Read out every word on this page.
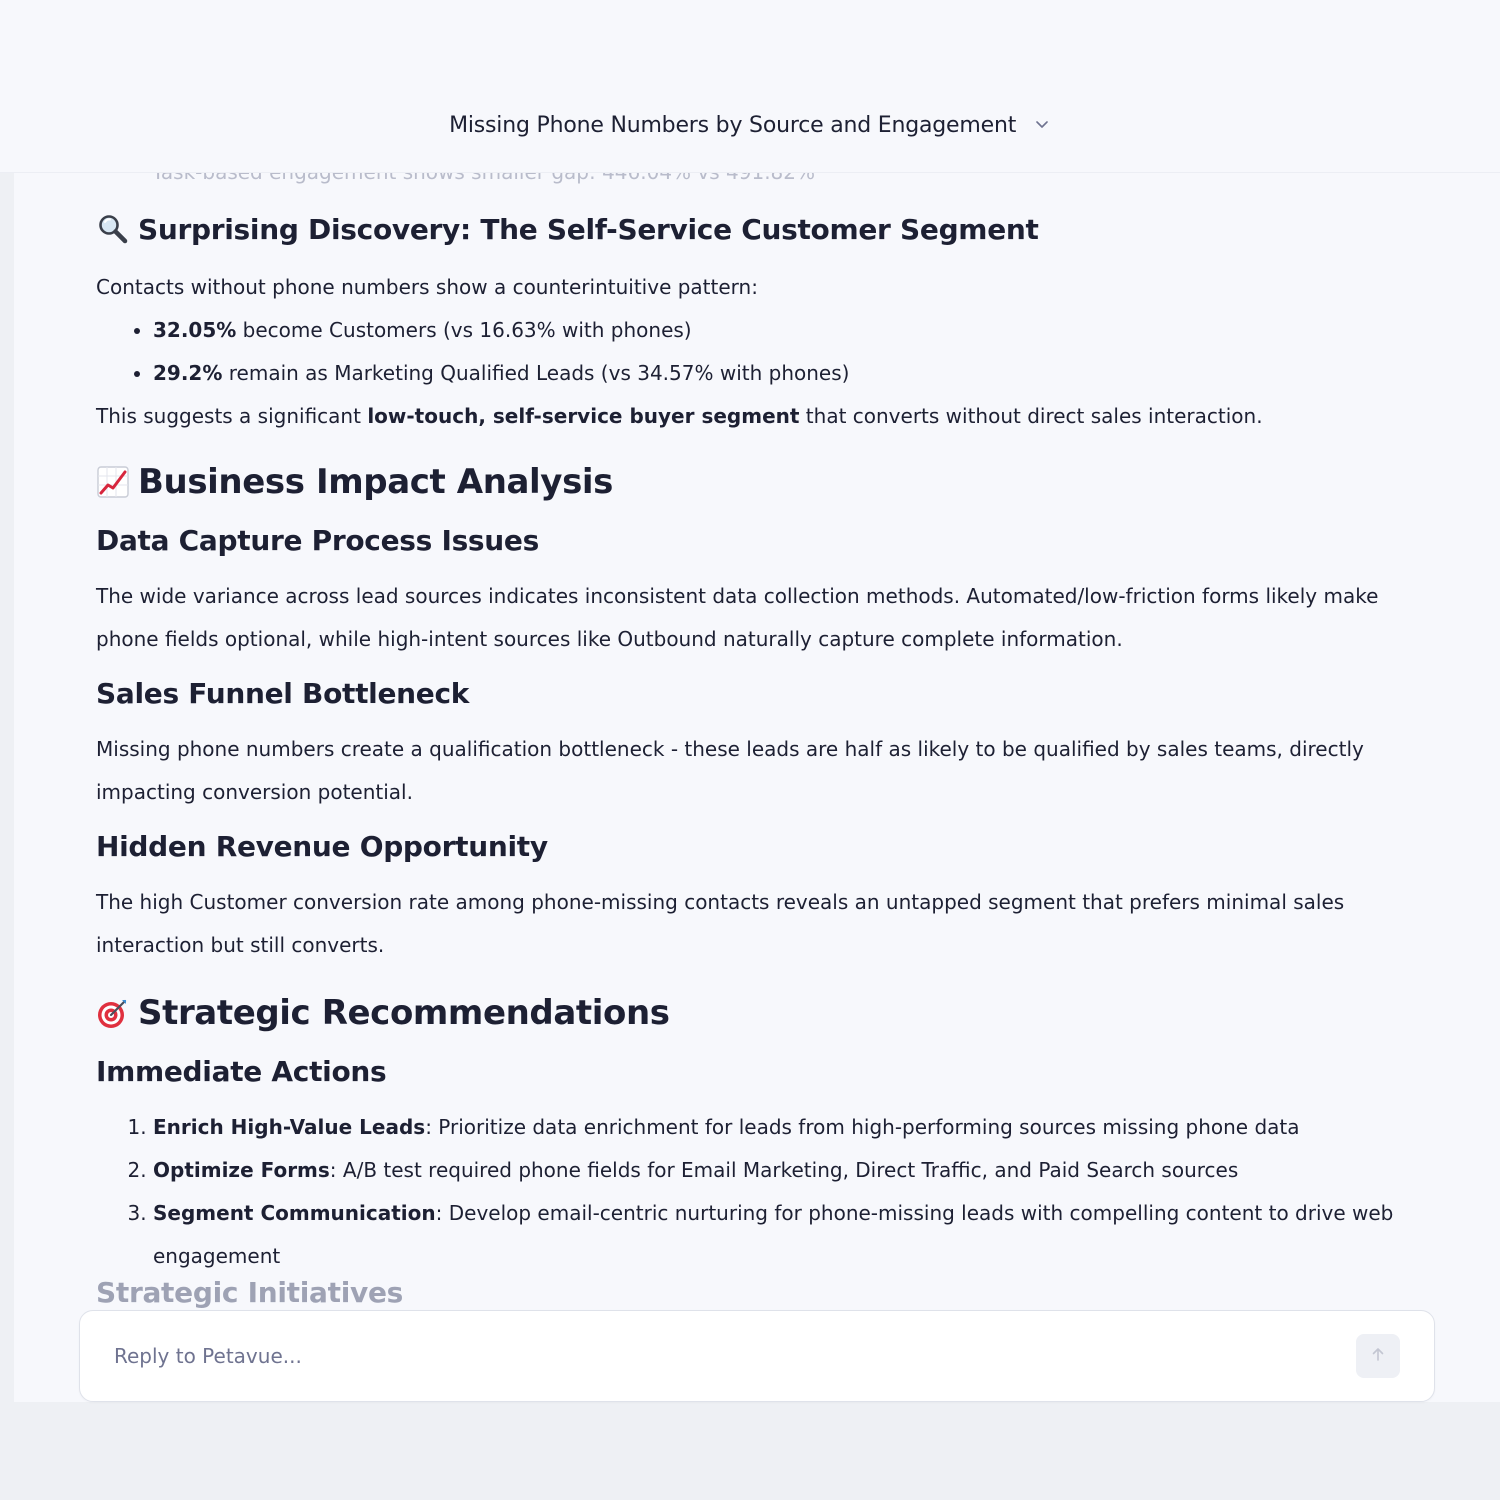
Missing Phone Numbers by Source and Engagement
Surprising Discovery: The Self-Service Customer Segment

Contacts without phone numbers show a counterintuitive pattern:

• 32.05% become Customers (vs 16.63% with phones)
• 29.2% remain as Marketing Qualified Leads (vs 34.57% with phones)

This suggests a significant low-touch, self-service buyer segment that converts without direct sales interaction.

Business Impact Analysis
Data Capture Process Issues

The wide variance across lead sources indicates inconsistent data collection methods. Automated/low-friction forms likely make phone fields optional, while high-intent sources like Outbound naturally capture complete information.

Sales Funnel Bottleneck

Missing phone numbers create a qualification bottleneck - these leads are half as likely to be qualified by sales teams, directly impacting conversion potential.

Hidden Revenue Opportunity

The high Customer conversion rate among phone-missing contacts reveals an untapped segment that prefers minimal sales interaction but still converts.

Strategic Recommendations
Immediate Actions
1. Enrich High-Value Leads: Prioritize data enrichment for leads from high-performing sources missing phone data
2. Optimize Forms: A/B test required phone fields for Email Marketing, Direct Traffic, and Paid Search sources
3. Segment Communication: Develop email-centric nurturing for phone-missing leads with compelling content to drive web engagement
Strategic Initiatives
Reply to Petavue...
